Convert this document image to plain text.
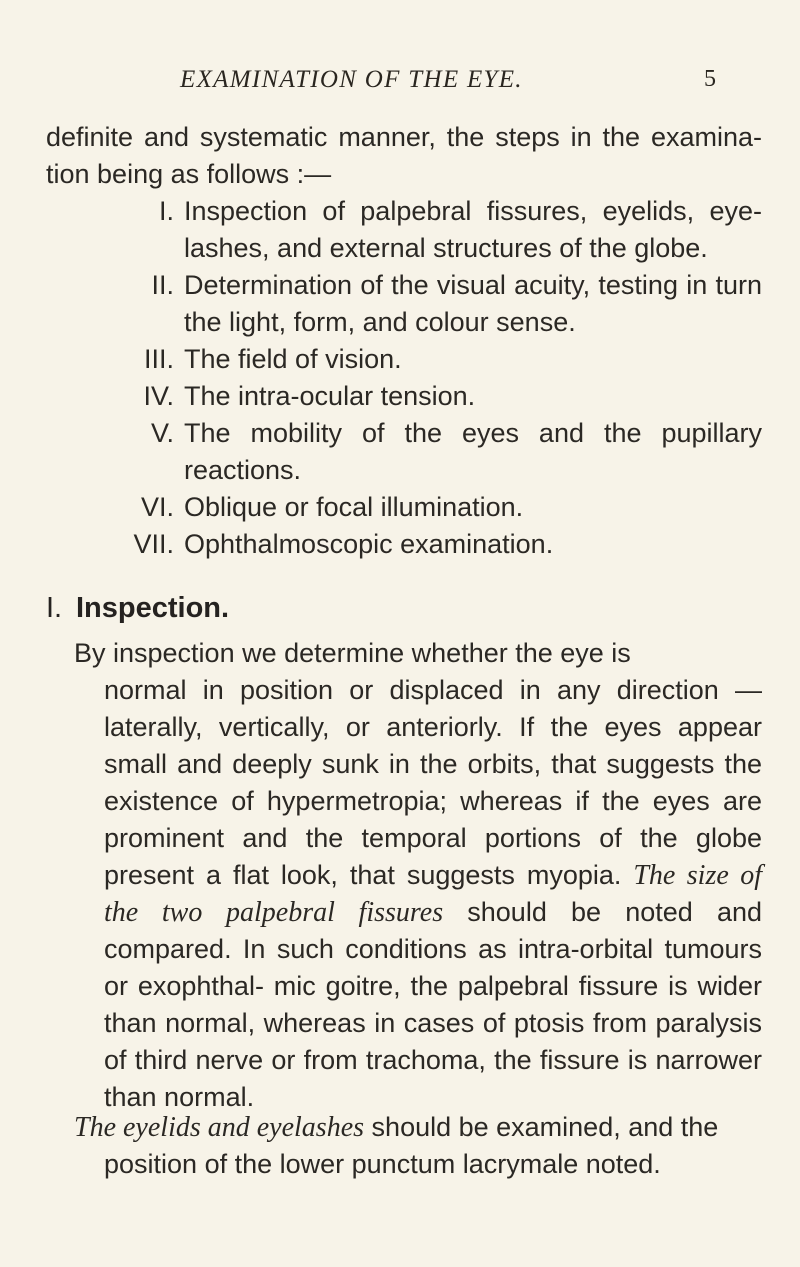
EXAMINATION OF THE EYE.	5

definite and systematic manner, the steps in the examina- tion being as follows :—

I. Inspection of palpebral fissures, eyelids, eye- lashes, and external structures of the globe.
II. Determination of the visual acuity, testing in turn the light, form, and colour sense.
III. The field of vision.
IV. The intra-ocular tension.
V. The mobility of the eyes and the pupillary reactions.
VI. Oblique or focal illumination.
VII. Ophthalmoscopic examination.
I. Inspection.

By inspection we determine whether the eye is
normal in position or displaced in any direction —laterally, vertically, or anteriorly. If the eyes appear small and deeply sunk in the orbits, that suggests the existence of hypermetropia; whereas if the eyes are prominent and the temporal portions of the globe present a flat look, that suggests myopia. The size of the two palpebral fissures should be noted and compared. In such conditions as intra-orbital tumours or exophthal- mic goitre, the palpebral fissure is wider than normal, whereas in cases of ptosis from paralysis of third nerve or from trachoma, the fissure is narrower than normal.

The eyelids and eyelashes should be examined, and the
position of the lower punctum lacrymale noted.
